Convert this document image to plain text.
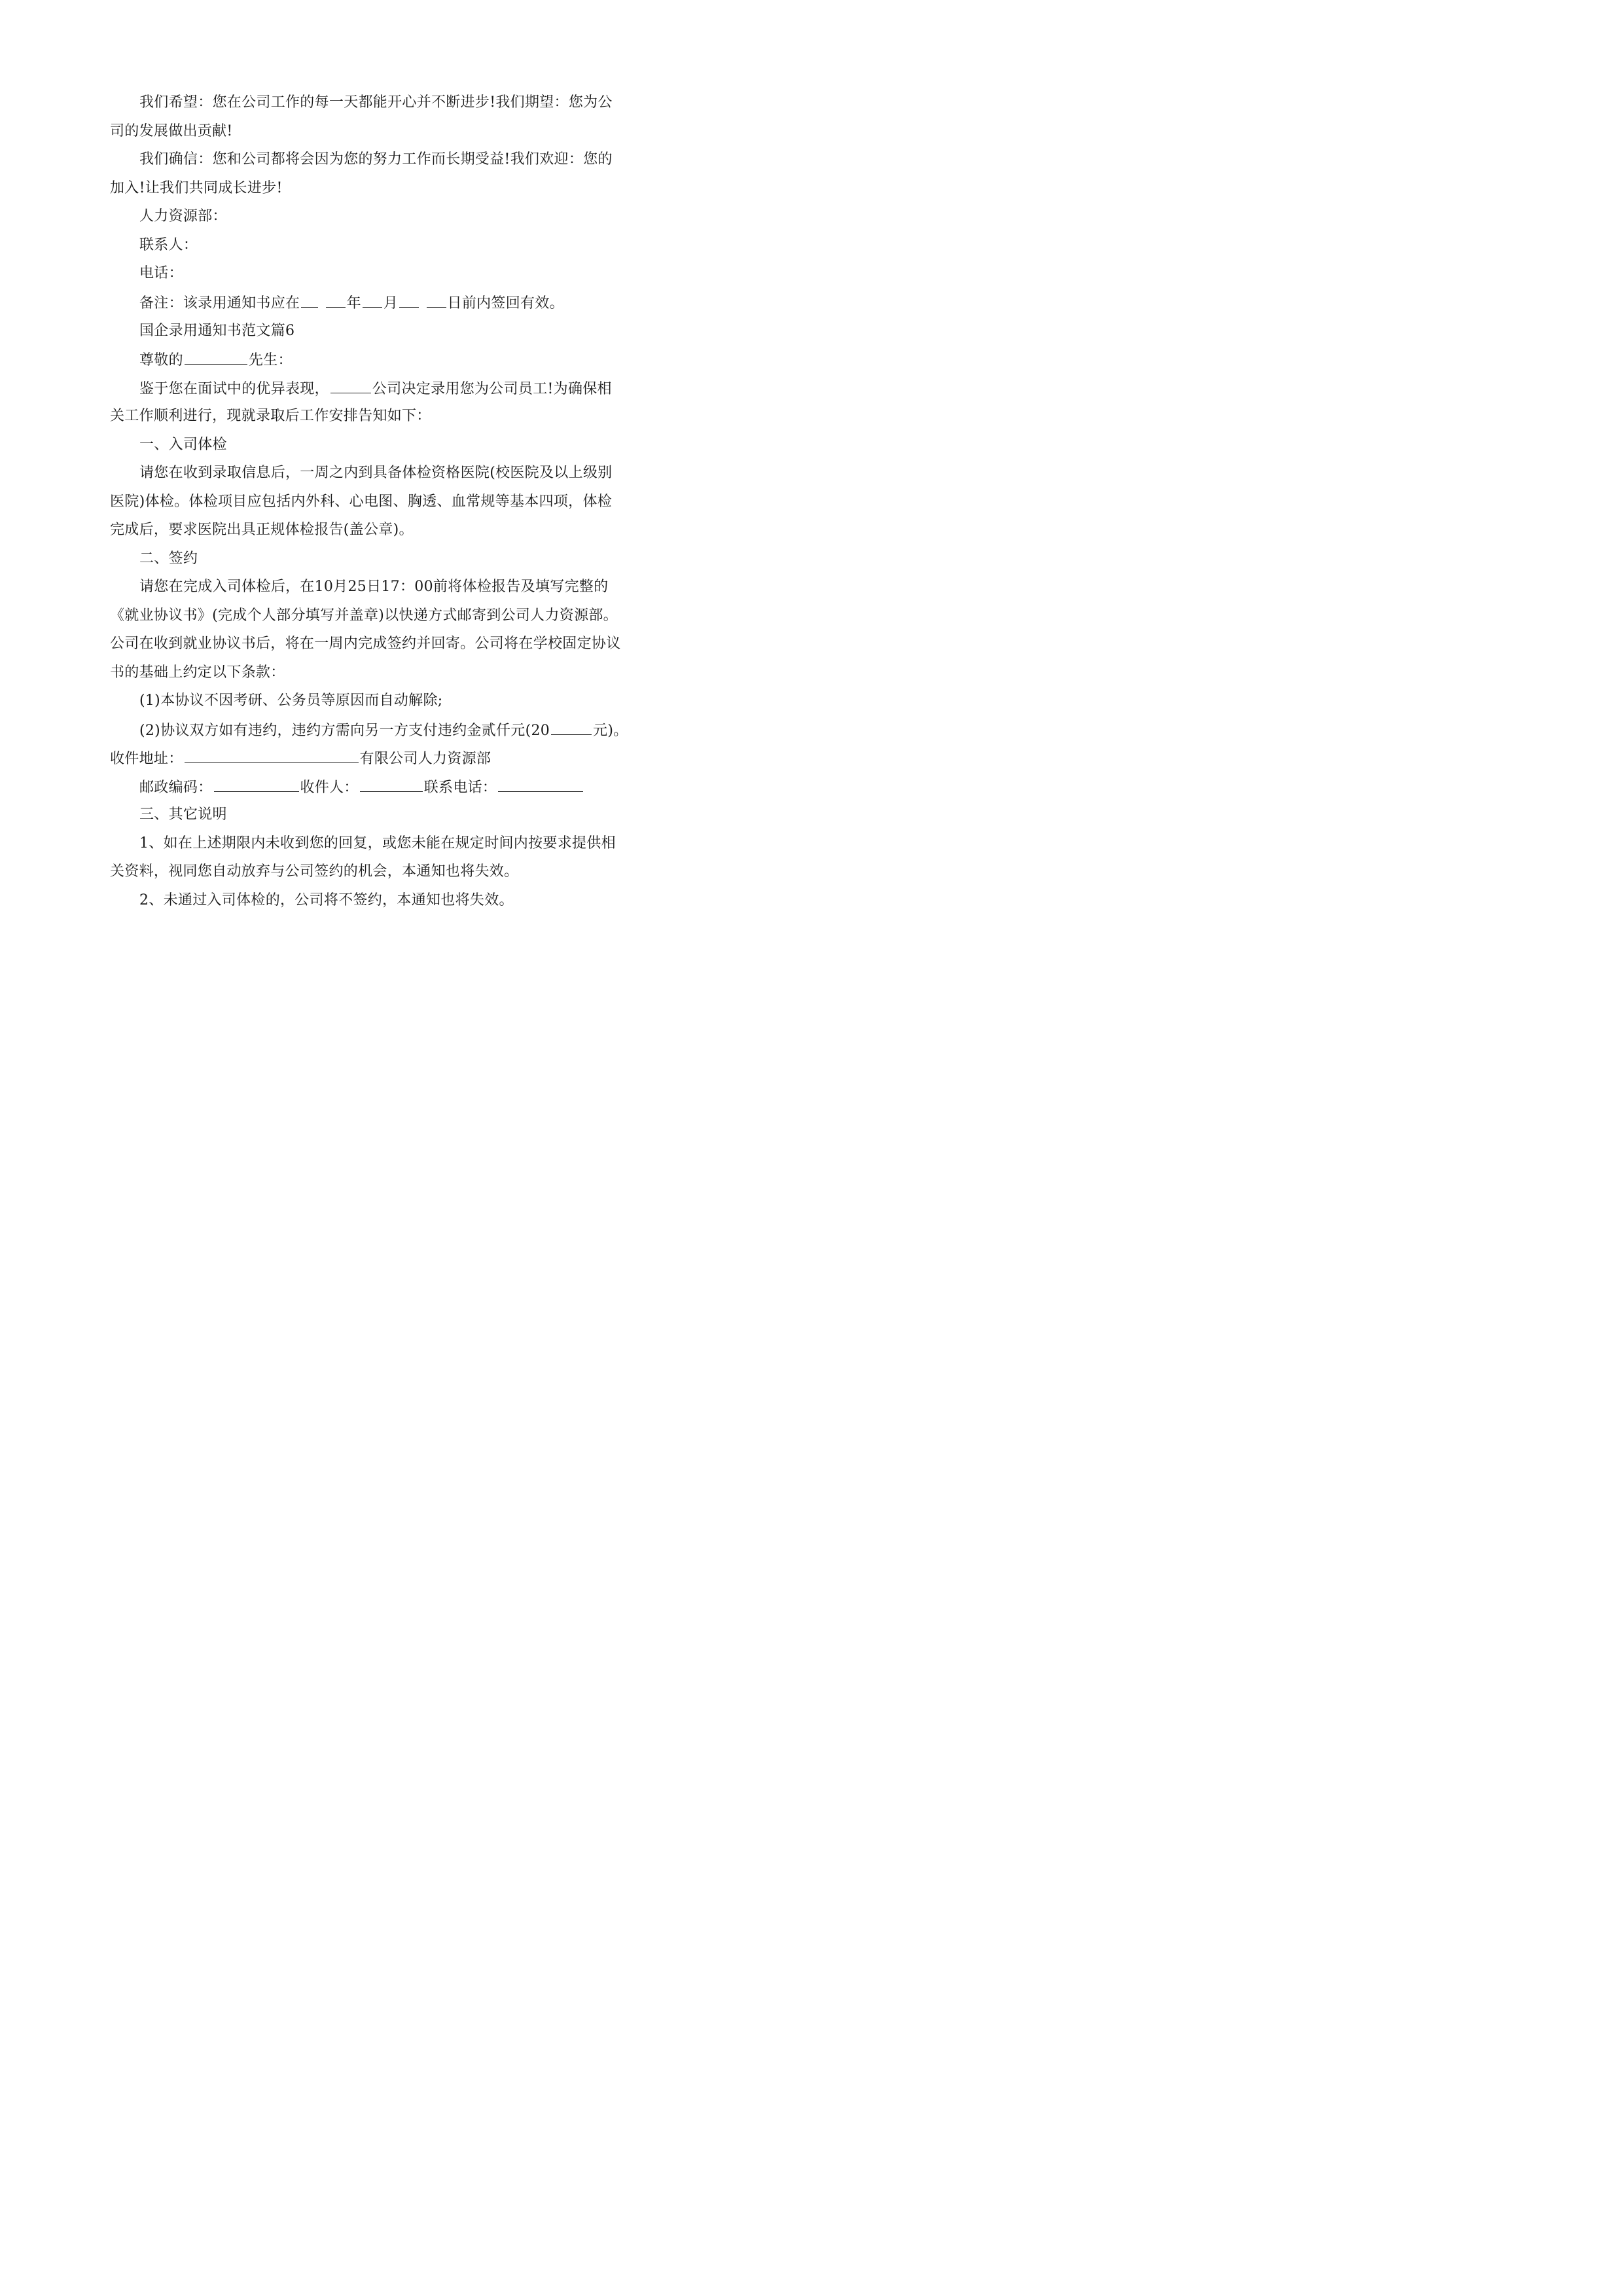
我们希望：您在公司工作的每一天都能开心并不断进步!我们期望：您为公
司的发展做出贡献!
我们确信：您和公司都将会因为您的努力工作而长期受益!我们欢迎：您的
加入!让我们共同成长进步!
人力资源部：
联系人：
电话：
备注：该录用通知书应在	年 月	日前内签回有效。
国企录用通知书范文篇6
尊敬的	先生：
鉴于您在面试中的优异表现，	公司决定录用您为公司员工!为确保相
关工作顺利进行，现就录取后工作安排告知如下：
一、入司体检
请您在收到录取信息后，一周之内到具备体检资格医院(校医院及以上级别
医院)体检。体检项目应包括内外科、心电图、胸透、血常规等基本四项，体检
完成后，要求医院出具正规体检报告(盖公章)。
二、签约
请您在完成入司体检后，在10月25日17：00前将体检报告及填写完整的
《就业协议书》(完成个人部分填写并盖章)以快递方式邮寄到公司人力资源部。
公司在收到就业协议书后，将在一周内完成签约并回寄。公司将在学校固定协议
书的基础上约定以下条款：
(1)本协议不因考研、公务员等原因而自动解除;
(2)协议双方如有违约，违约方需向另一方支付违约金贰仟元(20	元)。
收件地址：	有限公司人力资源部
邮政编码：	收件人：	联系电话：
三、其它说明
1、如在上述期限内未收到您的回复，或您未能在规定时间内按要求提供相
关资料，视同您自动放弃与公司签约的机会，本通知也将失效。
2、未通过入司体检的，公司将不签约，本通知也将失效。
